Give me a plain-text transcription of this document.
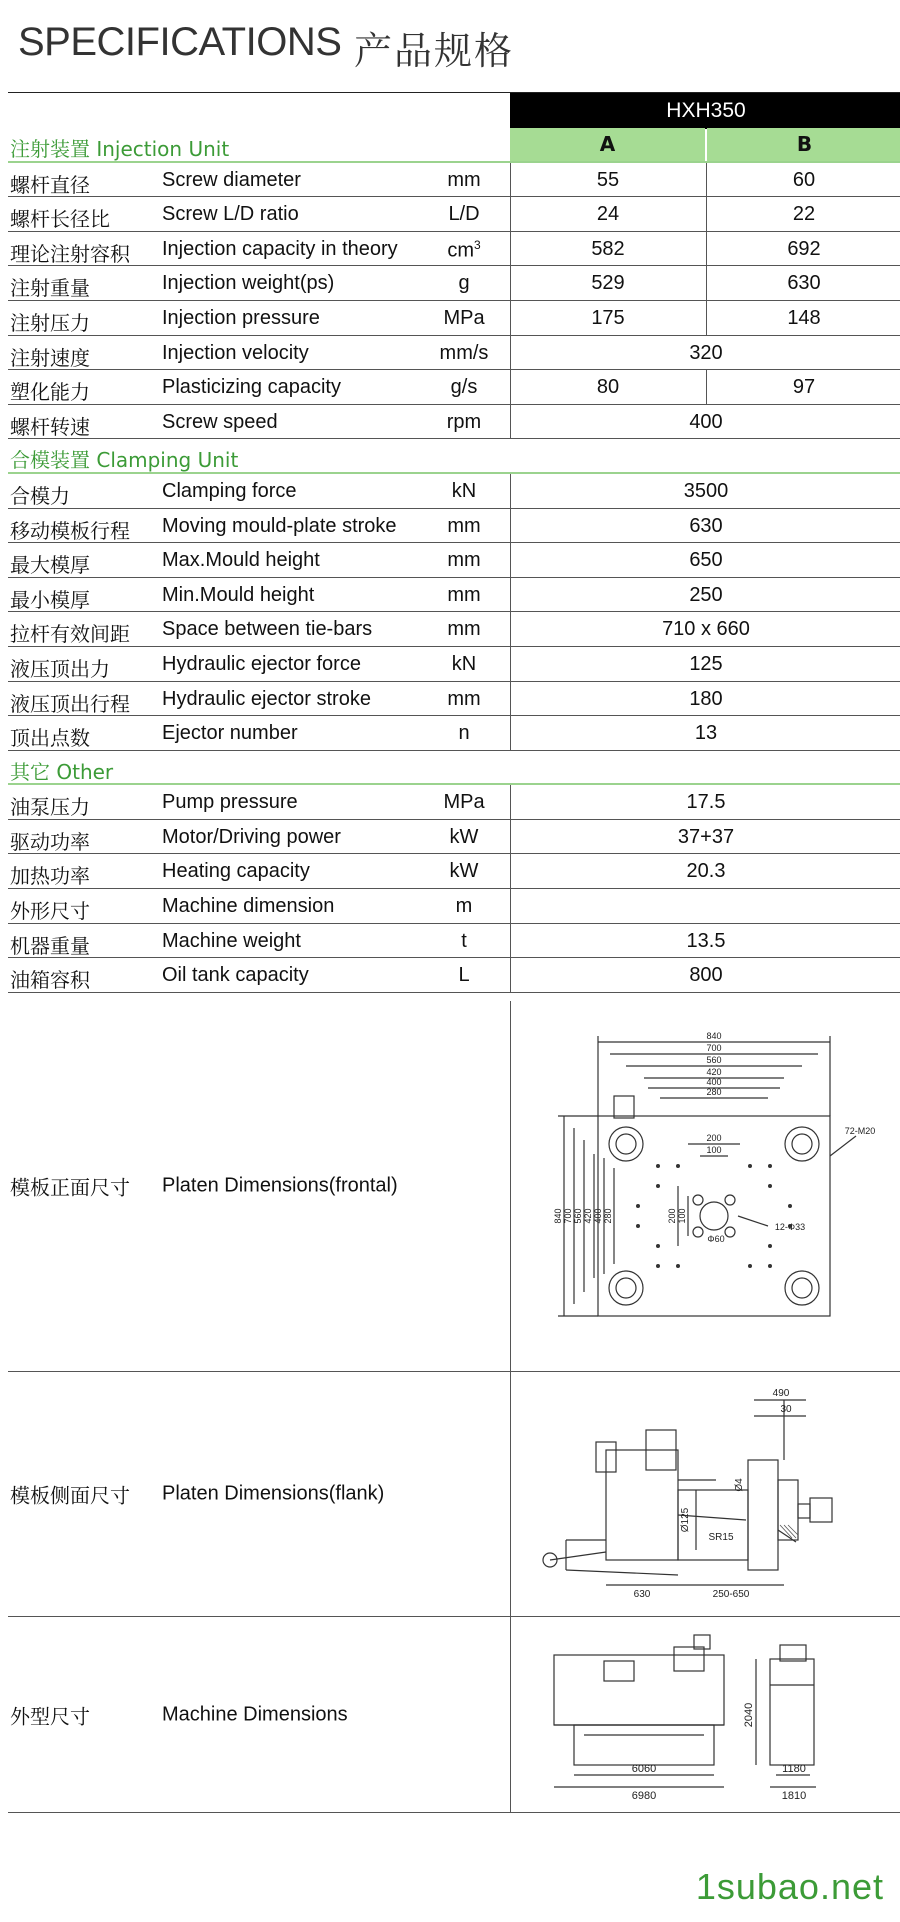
SPECIFICATIONS 产品规格
HXH350
注射装置 Injection Unit	A	B
螺杆直径	Screw diameter	mm	55	60
螺杆长径比	Screw L/D ratio	L/D	24	22
理论注射容积 Injection capacity in theory	$cm^3$	582	692
注射重量	Injection weight(ps)	g	529	630
注射压力	Injection pressure	MPa	175	148
注射速度	Injection velocity	mm/s	320
塑化能力	Plasticizing capacity	g/s	80	97
螺杆转速	Screw speed	rpm	400
合模装置 Clamping Unit
合模力	Clamping force	kN	3500
移动模板行程 Moving mould-plate stroke	mm	630
最大模厚	Max.Mould height	mm	650
最小模厚	Min.Mould height	mm	250
拉杆有效间距 Space between tie-bars	mm	710 x 660
液压顶出力	Hydraulic ejector force	kN	125
液压顶出行程 Hydraulic ejector stroke	mm	180
顶出点数	Ejector number	n	13
其它 Other
油泵压力	Pump pressure	MPa	17.5
驱动功率	Motor/Driving power	kW	37+37
加热功率	Heating capacity	kW	20.3
外形尺寸	Machine dimension	m
机器重量	Machine weight	t	13.5
油箱容积	Oil tank capacity	L	800
模板正面尺寸 Platen Dimensions(frontal)
840
700
560
420
400
280
200
100
72-M20
12-Φ33
Φ60
840 700 560 420 400 280	200 100
模板侧面尺寸 Platen Dimensions(flank)
490
30
Ø4
Ø125
SR15
630	250-650
外型尺寸	Machine Dimensions
6060
6980
2040
1180
1810
1subao.net
